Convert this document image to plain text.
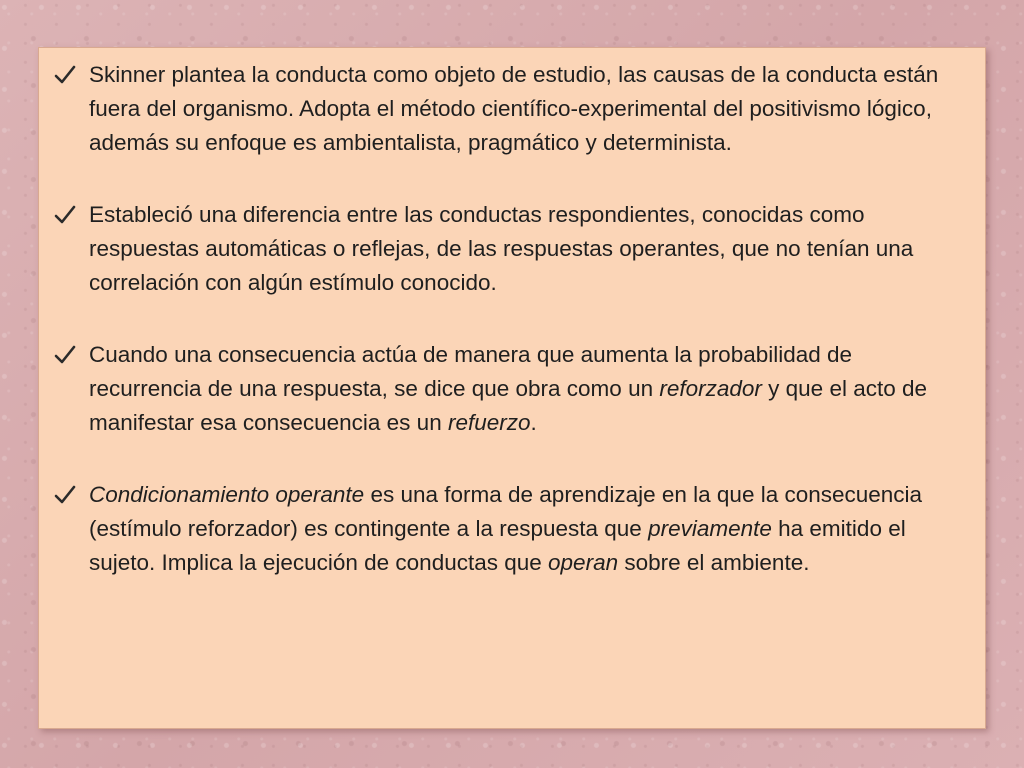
Skinner plantea la conducta como objeto de estudio, las causas de la conducta están fuera del organismo. Adopta el método científico-experimental del positivismo lógico, además su enfoque es ambientalista, pragmático y determinista.
Estableció una diferencia entre las conductas respondientes, conocidas como respuestas automáticas o reflejas, de las respuestas operantes, que no tenían una correlación con algún estímulo conocido.
Cuando una consecuencia actúa de manera que aumenta la probabilidad de recurrencia de una respuesta, se dice que obra como un reforzador y que el acto de manifestar esa consecuencia es un refuerzo.
Condicionamiento operante es una forma de aprendizaje en la que la consecuencia (estímulo reforzador) es contingente a la respuesta que previamente ha emitido el sujeto. Implica la ejecución de conductas que operan sobre el ambiente.
